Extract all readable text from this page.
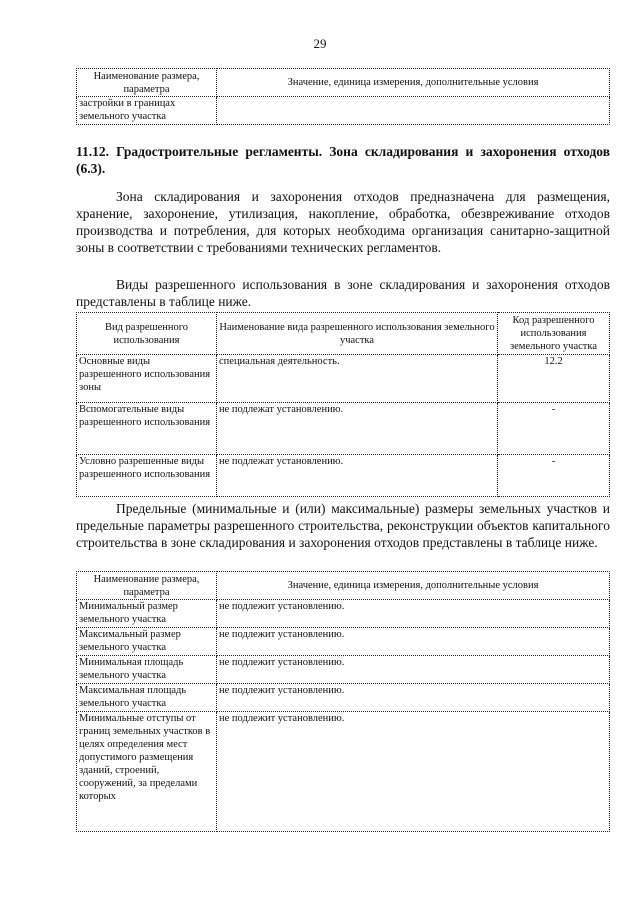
29
Наименование размера, параметра	Значение, единица измерения, дополнительные условия
застройки в границах земельного участка	
11.12. Градостроительные регламенты. Зона складирования и захоронения отходов (6.3).

Зона складирования и захоронения отходов предназначена для размещения, хранение, захоронение, утилизация, накопление, обработка, обезвреживание отходов производства и потребления, для которых необходима организация санитарно-защитной зоны в соответствии с требованиями технических регламентов.

Виды разрешенного использования в зоне складирования и захоронения отходов представлены в таблице ниже.

Вид разрешенного использования	Наименование вида разрешенного использования земельного участка	Код разрешенного использования земельного участка
Основные виды разрешенного использования зоны	специальная деятельность.	12.2
Вспомогательные виды разрешенного использования	не подлежат установлению.	-
Условно разрешенные виды разрешенного использования	не подлежат установлению.	-

Предельные (минимальные и (или) максимальные) размеры земельных участков и предельные параметры разрешенного строительства, реконструкции объектов капитального строительства в зоне складирования и захоронения отходов представлены в таблице ниже.

Наименование размера, параметра	Значение, единица измерения, дополнительные условия
Минимальный размер земельного участка	не подлежит установлению.
Максимальный размер земельного участка	не подлежит установлению.
Минимальная площадь земельного участка	не подлежит установлению.
Максимальная площадь земельного участка	не подлежит установлению.
Минимальные отступы от границ земельных участков в целях определения мест допустимого размещения зданий, строений, сооружений, за пределами которых	не подлежит установлению.
